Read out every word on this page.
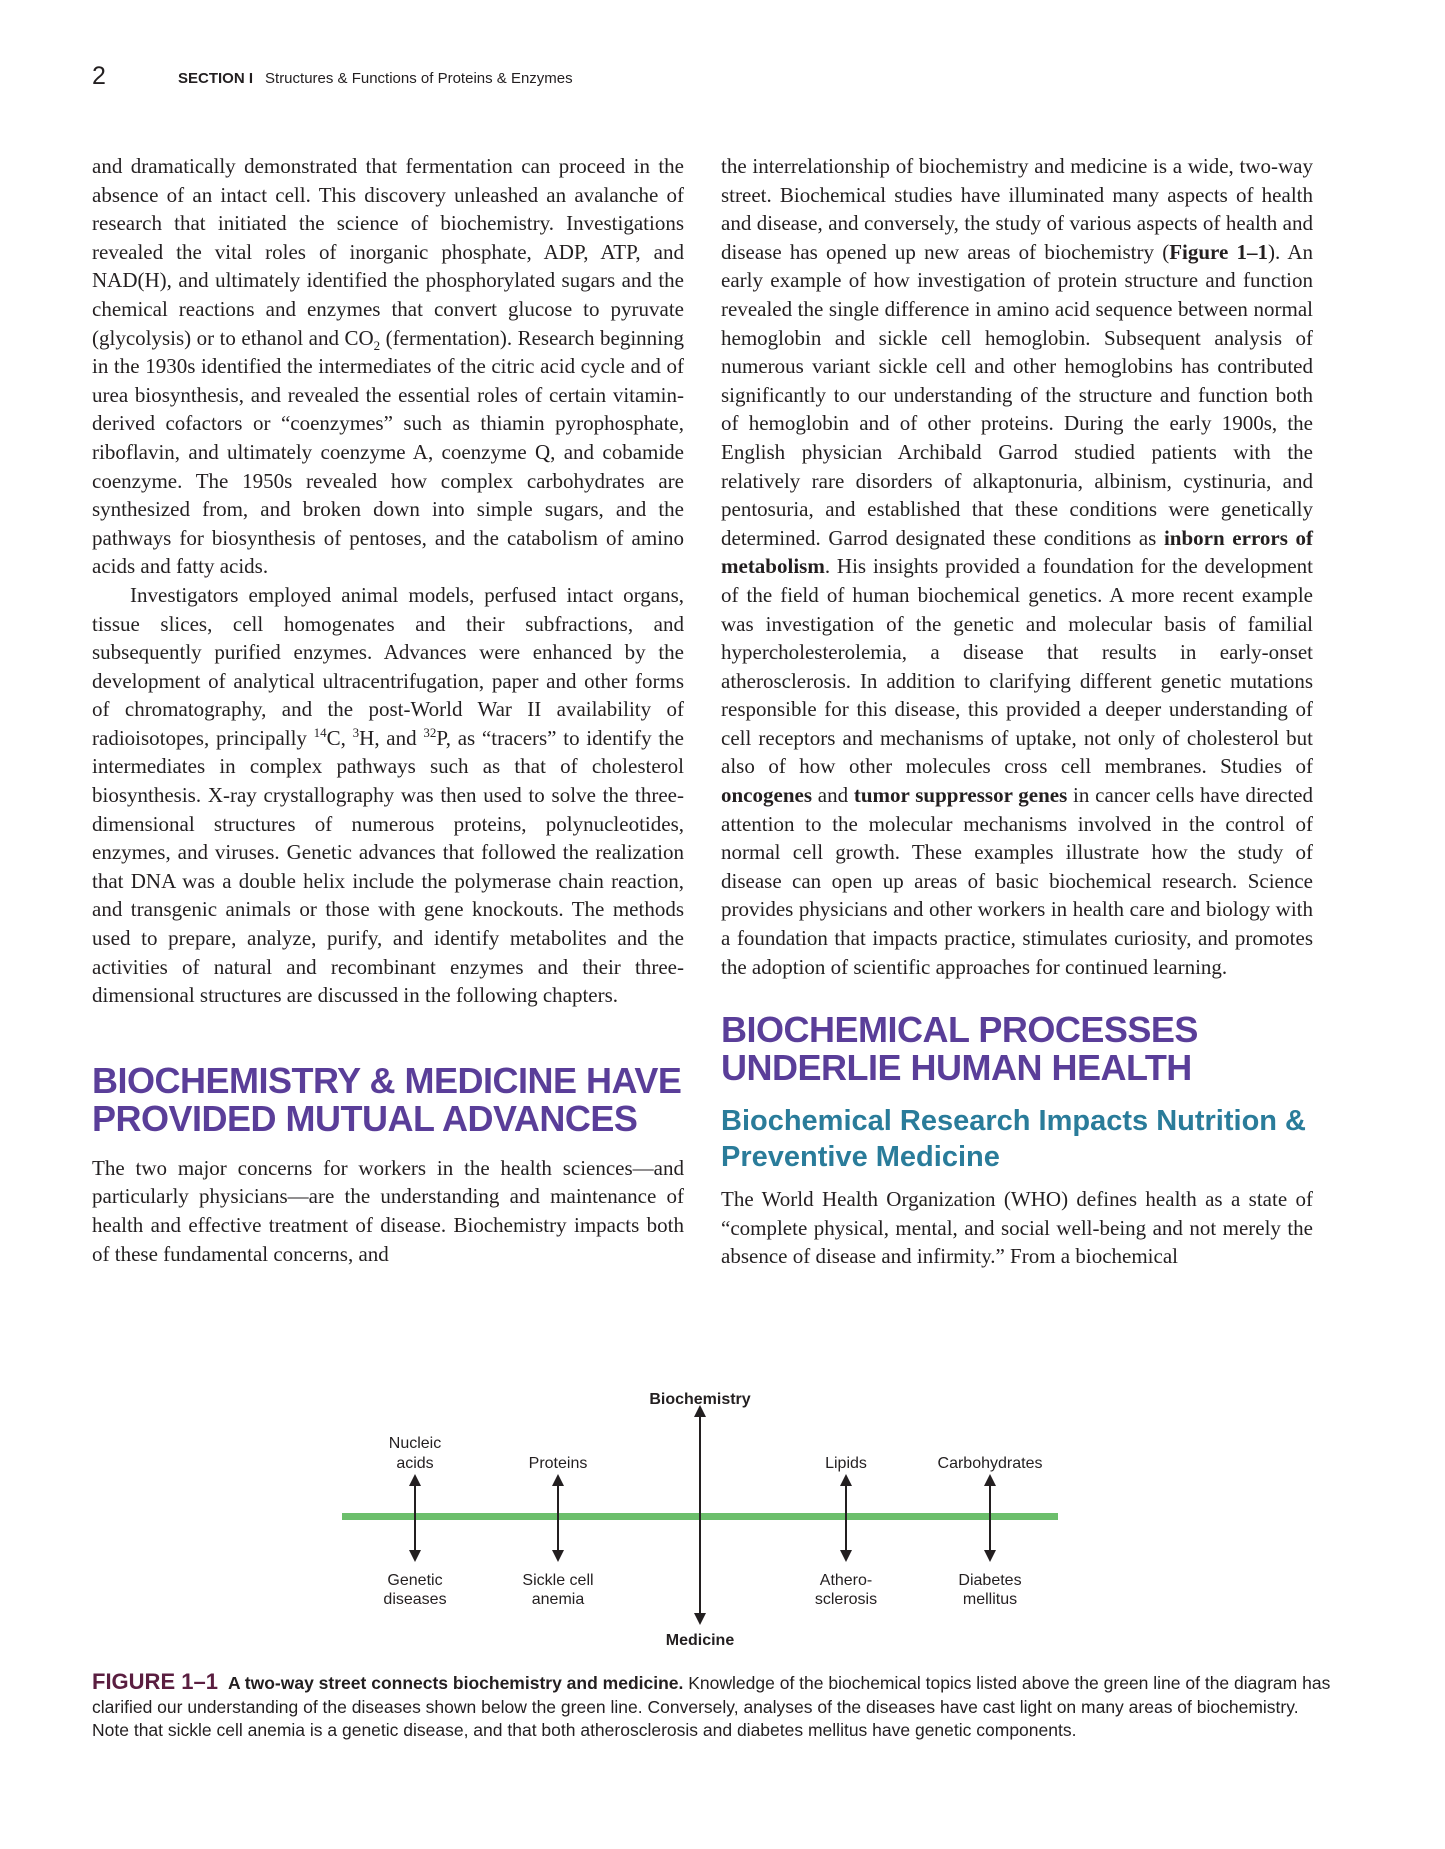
2	SECTION I Structures & Functions of Proteins & Enzymes

and dramatically demonstrated that fermentation can proceed in the absence of an intact cell. This discovery unleashed an avalanche of research that initiated the science of biochemistry. Investigations revealed the vital roles of inorganic phosphate, ADP, ATP, and NAD(H), and ultimately identified the phosphorylated sugars and the chemical reactions and enzymes that convert glucose to pyruvate (glycolysis) or to ethanol and $CO_2$ (fermentation). Research beginning in the 1930s identified the intermediates of the citric acid cycle and of urea biosynthesis, and revealed the essential roles of certain vitamin-derived cofactors or “coenzymes” such as thiamin pyrophosphate, riboflavin, and ultimately coenzyme A, coenzyme Q, and cobamide coenzyme. The 1950s revealed how complex carbohydrates are synthesized from, and broken down into simple sugars, and the pathways for biosynthesis of pentoses, and the catabolism of amino acids and fatty acids.

Investigators employed animal models, perfused intact organs, tissue slices, cell homogenates and their subfractions, and subsequently purified enzymes. Advances were enhanced by the development of analytical ultracentrifugation, paper and other forms of chromatography, and the post-World War II availability of radioisotopes, principally $^{14}$C, $^3$H, and $^{32}$P, as “tracers” to identify the intermediates in complex pathways such as that of cholesterol biosynthesis. X-ray crystallography was then used to solve the three-dimensional structures of numerous proteins, polynucleotides, enzymes, and viruses. Genetic advances that followed the realization that DNA was a double helix include the polymerase chain reaction, and transgenic animals or those with gene knockouts. The methods used to prepare, analyze, purify, and identify metabolites and the activities of natural and recombinant enzymes and their three-dimensional structures are discussed in the following chapters.

BIOCHEMISTRY & MEDICINE HAVE PROVIDED MUTUAL ADVANCES

The two major concerns for workers in the health sciences—and particularly physicians—are the understanding and maintenance of health and effective treatment of disease. Biochemistry impacts both of these fundamental concerns, and

the interrelationship of biochemistry and medicine is a wide, two-way street. Biochemical studies have illuminated many aspects of health and disease, and conversely, the study of various aspects of health and disease has opened up new areas of biochemistry (Figure 1–1). An early example of how investigation of protein structure and function revealed the single difference in amino acid sequence between normal hemoglobin and sickle cell hemoglobin. Subsequent analysis of numerous variant sickle cell and other hemoglobins has contributed significantly to our understanding of the structure and function both of hemoglobin and of other proteins. During the early 1900s, the English physician Archibald Garrod studied patients with the relatively rare disorders of alkaptonuria, albinism, cystinuria, and pentosuria, and established that these conditions were genetically determined. Garrod designated these conditions as inborn errors of metabolism. His insights provided a foundation for the development of the field of human biochemical genetics. A more recent example was investigation of the genetic and molecular basis of familial hypercholesterolemia, a disease that results in early-onset atherosclerosis. In addition to clarifying different genetic mutations responsible for this disease, this provided a deeper understanding of cell receptors and mechanisms of uptake, not only of cholesterol but also of how other molecules cross cell membranes. Studies of oncogenes and tumor suppressor genes in cancer cells have directed attention to the molecular mechanisms involved in the control of normal cell growth. These examples illustrate how the study of disease can open up areas of basic biochemical research. Science provides physicians and other workers in health care and biology with a foundation that impacts practice, stimulates curiosity, and promotes the adoption of scientific approaches for continued learning.

BIOCHEMICAL PROCESSES UNDERLIE HUMAN HEALTH
Biochemical Research Impacts Nutrition & Preventive Medicine

The World Health Organization (WHO) defines health as a state of “complete physical, mental, and social well-being and not merely the absence of disease and infirmity.” From a biochemical

Biochemistry
Medicine
Nucleic
acids
Genetic
diseases
Proteins
Sickle cell
anemia
Lipids
Athero-
sclerosis
Carbohydrates
Diabetes
mellitus
FIGURE 1–1 A two-way street connects biochemistry and medicine. Knowledge of the biochemical topics listed above the green line of the diagram has clarified our understanding of the diseases shown below the green line. Conversely, analyses of the diseases have cast light on many areas of biochemistry. Note that sickle cell anemia is a genetic disease, and that both atherosclerosis and diabetes mellitus have genetic components.
